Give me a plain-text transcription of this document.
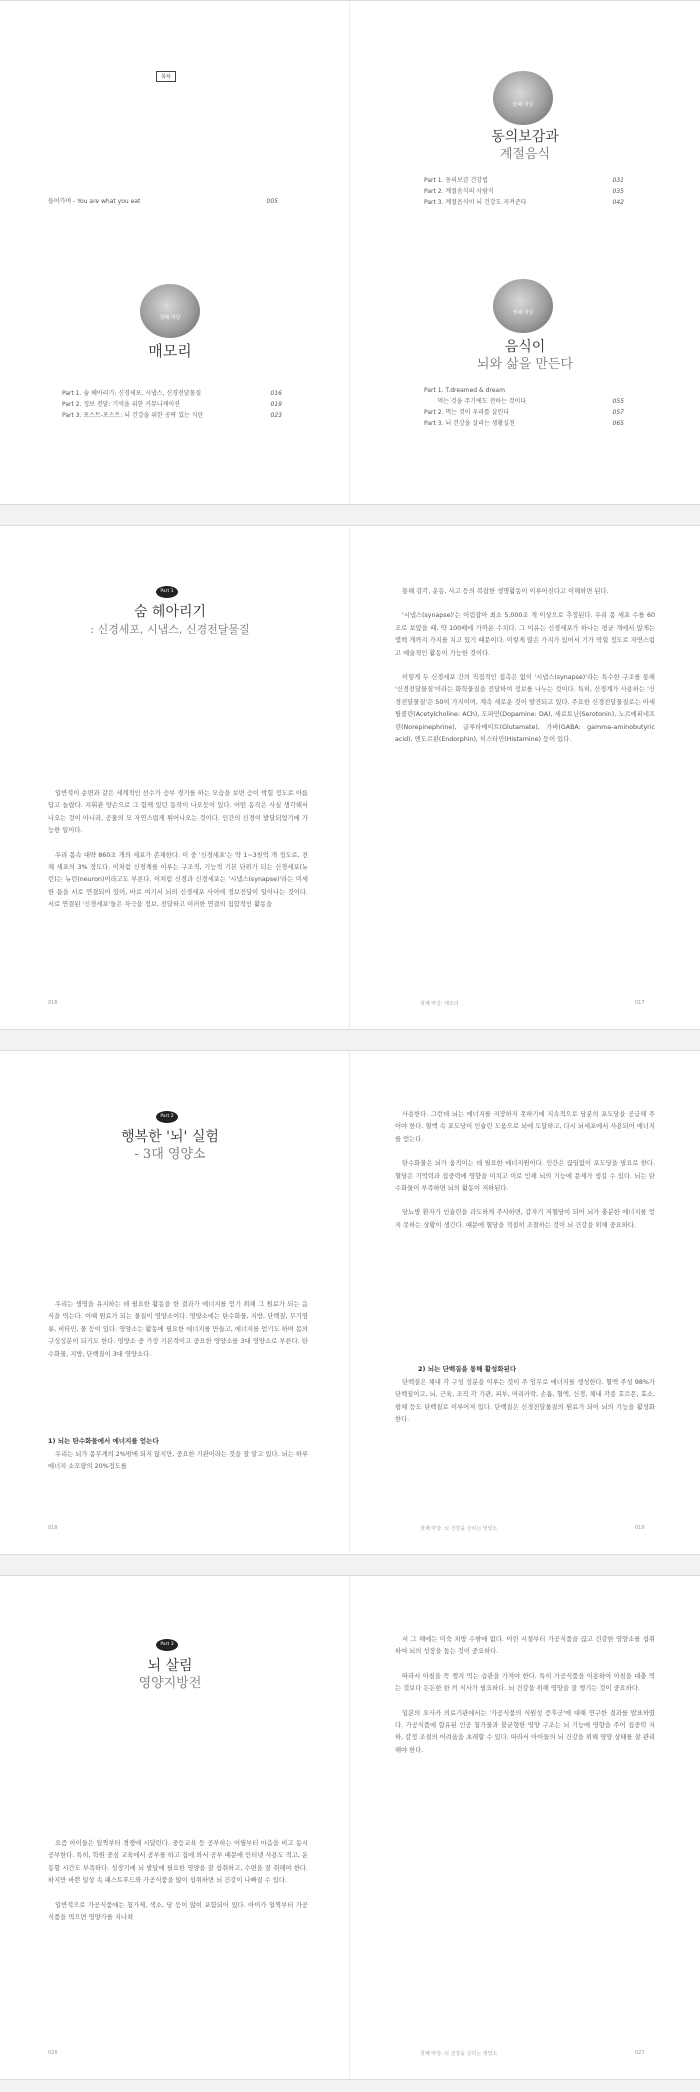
목차
들어가며 - You are what you eat	005
첫째 마당
매모리
Part 1. 숨 헤아리기: 신경세포, 시냅스, 신경전달물질	016
Part 2. 정보 전달: 기억을 위한 커뮤니케이션	019
Part 3. 포스트-포스트: 뇌 건강을 위한 공략 있는 식탄	023
둘째 마당
동의보감과
계절음식
Part 1. 동의보감 건강법	031
Part 2. 계절음식의 사람식	035
Part 3. 계절음식이 뇌 건강도 지켜준다	042
셋째 마당
음식이
뇌와 삶을 만든다
Part 1. T.dreamed & dream
먹는 것을 주기에도 전하는 것이다	055
Part 2. 먹는 것이 우리를 살린다	057
Part 3. 뇌 건강을 살리는 생활실천	065
Part 1
숨 헤아리기
: 신경세포, 시냅스, 신경전달물질

일반적이 순면과 같은 세계적인 선수가 승부 경기를 하는 모습을 보면 승이 박힐 정도로 아름답고 놀랍다. 지휘관 양손으로 그 함께 있던 동작이 나오듯이 있다. 어떤 동작은 사실 생각해서 나오는 것이 아니라, 공물의 모 자연스럽게 튀어나오는 것이다. 인간의 신경이 발달되었기에 가능한 일이다.

우리 몸속 대략 860조 개의 세포가 존재한다. 이 중 '신경세포'는 약 1~3천억 개 정도로, 전체 세포의 3% 정도다. 이처럼 신경계를 이루는 구조적, 기능적 기본 단위가 되는 신경세포(뉴런)는 뉴런(neuron)이라고도 부른다. 이처럼 신경과 신경세포는 '시냅스(synapse)'라는 미세한 틈을 서로 연결되어 있어, 바로 여기서 뇌의 신경세포 사이에 정보전달이 일어나는 것이다. 서로 연결된 '신경세포'들은 자극을 정보, 전달하고 이러한 연결의 집합적인 활동을

통해 감각, 운동, 사고 등의 복잡한 생명활동이 이루어진다고 이해하면 된다.

'시냅스(synapse)'는 어림잡아 최소 5,000조 개 이상으로 추정된다. 우리 몸 세포 수를 60조로 보았을 때, 약 100배에 가까운 수치다. 그 이유는 신경세포가 하나는 평균 개에서 많게는 몇백 개까지 가지를 치고 있기 때문이다. 이렇게 많은 가지가 있어서 기가 막힐 정도로 자연스럽고 예술적인 활동이 가능한 것이다.

이렇게 두 신경세포 간의 직접적인 접촉은 없이 '시냅스(synapse)'라는 특수한 구조를 통해 '신경전달물질'이라는 화학물질을 전달하여 정보를 나누는 것이다. 특히, 신경계가 사용하는 '신경전달물질'은 50여 가지이며, 계속 새로운 것이 발견되고 있다. 주요한 신경전달물질로는 아세틸콜린(Acetylcholine: ACh), 도파민(Dopamine: DA), 세로토닌(Serotonin), 노르에피네프린(Norepinephrine), 글루타메이트(Glutamate), 가바(GABA: gamma-aminobutyric acid), 엔도르핀(Endorphin), 히스타민(Histamine) 등이 있다.

016	첫째 마당: 매모리	017
Part 2
행복한 '뇌' 실험
- 3대 영양소

우리는 생명을 유지하는 데 필요한 활동을 한 결과가 에너지를 얻기 위해 그 원료가 되는 음식을 먹는다. 이때 원료가 되는 물질이 영양소이다. 영양소에는 탄수화물, 지방, 단백질, 무기염류, 비타민, 물 등이 있다. 영양소는 활동에 필요한 에너지를 만들고, 에너지를 얻기도 하며 몸의 구성성분이 되기도 한다. 영양소 중 가장 기본적이고 중요한 영양소를 3대 영양소로 부른다. 탄수화물, 지방, 단백질이 3대 영양소다.

1) 뇌는 탄수화물에서 에너지를 얻는다

우리는 뇌가 몸무게의 2%밖에 되지 않지만, 중요한 기관이라는 것을 잘 알고 있다. 뇌는 하루 에너지 소모량의 20%정도를

사용한다. 그런데 뇌는 에너지를 저장하지 못하기에 지속적으로 당분의 포도당을 공급해 주어야 한다. 혈액 속 포도당이 인슐린 도움으로 뇌에 도달하고, 다시 뇌세포에서 사용되어 에너지를 얻는다.

탄수화물은 뇌가 움직이는 데 필요한 에너지원이다. 인간은 끊임없이 포도당을 필요로 한다. 혈당은 기억력과 집중력에 영향을 미치고 이로 인해 뇌의 기능에 문제가 생길 수 있다. 뇌는 탄수화물이 부족하면 뇌의 활동이 저하된다.

당뇨병 환자가 인슐린을 과도하게 주사하면, 갑자기 저혈당이 되어 뇌가 충분한 에너지를 얻지 못하는 상황이 생긴다. 때문에 혈당을 적절히 조절하는 것이 뇌 건강을 위해 중요하다.

2) 뇌는 단백질을 통해 활성화된다

단백질은 체내 각 구성 성분을 이루는 것이 주 임무로 에너지를 생성한다. 혈액 주성 98%가 단백질이고, 뇌, 근육, 조직 각 기관, 피부, 머리카락, 손톱, 혈액, 신경, 체내 각종 호르몬, 효소, 항체 등도 단백질로 이루어져 있다. 단백질은 신경전달물질의 원료가 되어 뇌의 기능을 활성화한다.

018	첫째 마당: 뇌 건강을 살리는 영양소	019
Part 3
뇌 살림
영양지방전

요즘 아이들은 일찍부터 경쟁에 시달린다. 중등교육 등 공부하는 어릴부터 마음을 비고 동시 공부한다. 특히, 학원 중심 교육에서 공부를 하고 집에 와서 공부 때문에 인터넷 사용도 적고, 운동할 시간도 부족하다. 성장기에 뇌 발달에 필요한 영양을 잘 섭취하고, 수면을 잘 취해야 한다. 하지만 바쁜 일상 속 패스트푸드와 가공식품을 많이 섭취하면 뇌 건강이 나빠질 수 있다.

일반적으로 가공식품에는 첨가제, 색소, 당 등이 많이 포함되어 있다. 아이가 일찍부터 가공식품을 먹으면 영양가를 지나쳐

서 그 해에는 미숙 처방 수밖에 없다. 어린 시절부터 가공식품을 끊고 건강한 영양소를 섭취하여 뇌의 성장을 돕는 것이 중요하다.

따라서 아침을 꼭 챙겨 먹는 습관을 가져야 한다. 특히 가공식품을 이용하여 아침을 대충 먹는 것보다 든든한 한 끼 식사가 필요하다. 뇌 건강을 위해 영양을 잘 챙기는 것이 중요하다.

일본의 오사카 의료기관에서는 '가공식품의 식원성 증후군'에 대해 연구한 결과를 발표하였다. 가공식품에 함유된 인공 첨가물과 불균형한 영양 구조는 뇌 기능에 영향을 주어 집중력 저하, 감정 조절의 어려움을 초래할 수 있다. 따라서 아이들의 뇌 건강을 위해 영양 상태를 잘 관리해야 한다.

026	첫째 마당: 뇌 건강을 살리는 영양소	027
